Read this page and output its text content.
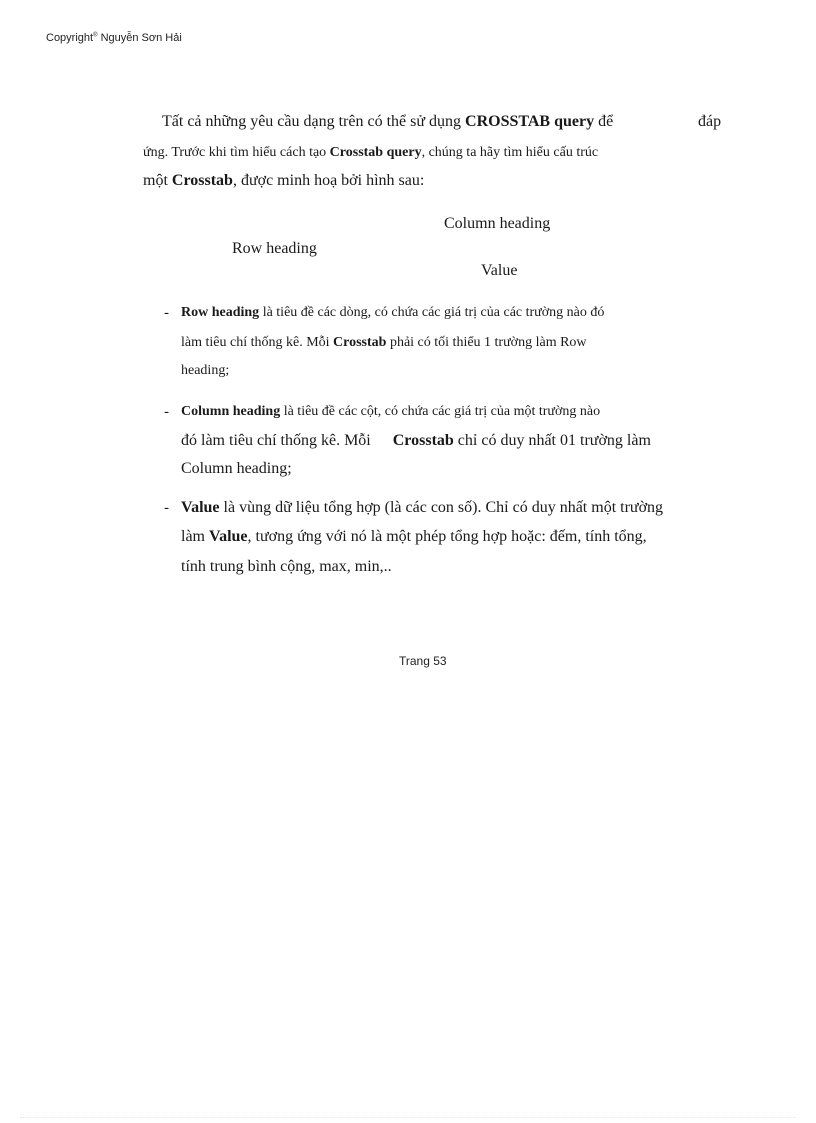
Copyright® Nguyễn Sơn Hải
Tất cả những yêu cầu dạng trên có thể sử dụng CROSSTAB query để	đáp
ứng. Trước khi tìm hiểu cách tạo Crosstab query, chúng ta hãy tìm hiểu cấu trúc
một Crosstab, được minh hoạ bởi hình sau:
Column heading
Row heading
Value
- Row heading là tiêu đề các dòng, có chứa các giá trị của các trường nào đó
làm tiêu chí thống kê. Mỗi Crosstab phải có tối thiểu 1 trường làm Row
heading;
- Column heading là tiêu đề các cột, có chứa các giá trị của một trường nào
đó làm tiêu chí thống kê. Mỗi Crosstab chỉ có duy nhất 01 trường làm
Column heading;
- Value là vùng dữ liệu tổng hợp (là các con số). Chỉ có duy nhất một trường
làm Value, tương ứng với nó là một phép tổng hợp hoặc: đếm, tính tổng,
tính trung bình cộng, max, min,..
Trang 53
